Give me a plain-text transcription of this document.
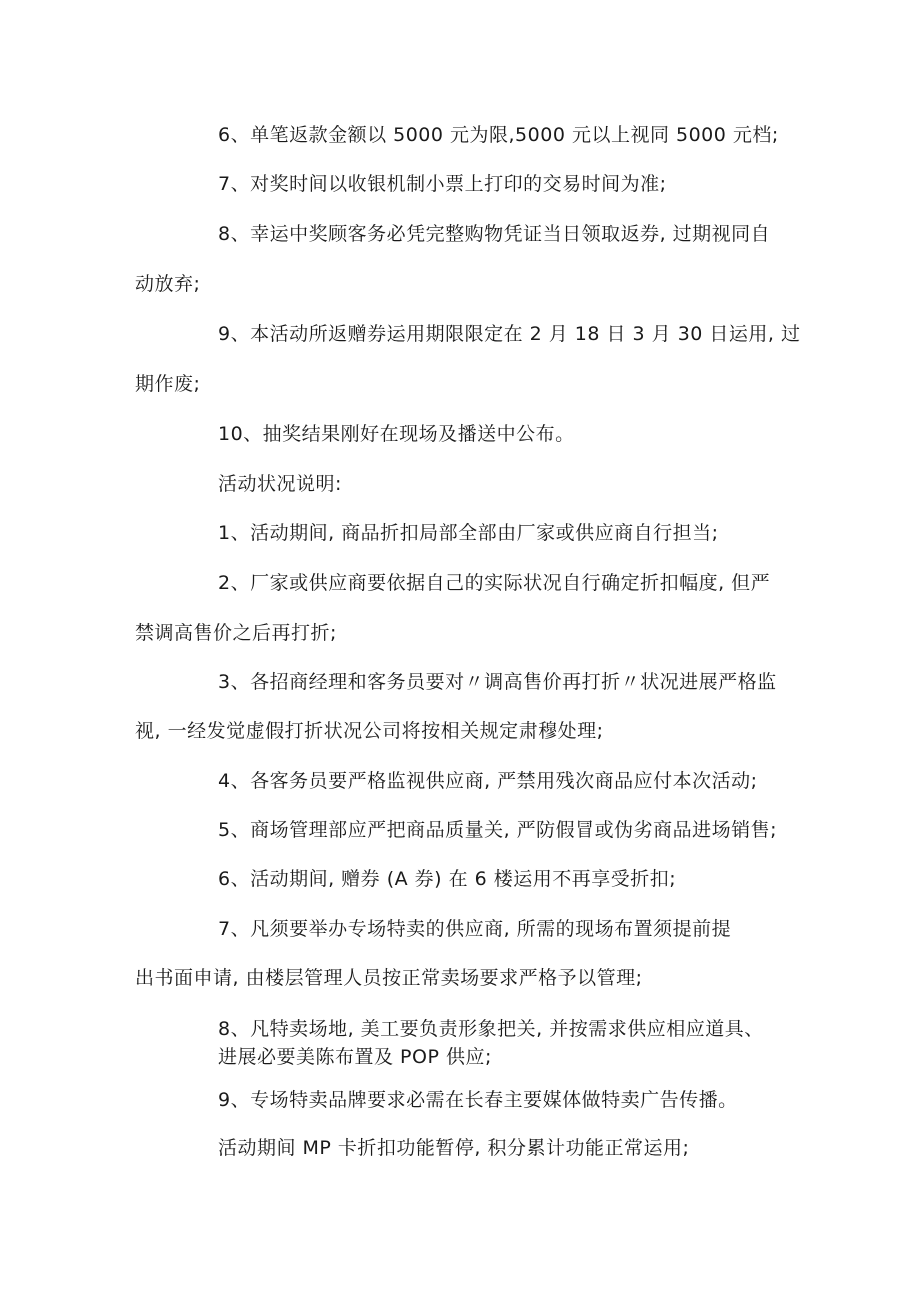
6、单笔返款金额以 5000 元为限,5000 元以上视同 5000 元档;
7、对奖时间以收银机制小票上打印的交易时间为准;
8、幸运中奖顾客务必凭完整购物凭证当日领取返券, 过期视同自
动放弃;
9、本活动所返赠券运用期限限定在 2 月 18 日 3 月 30 日运用, 过
期作废;
10、抽奖结果刚好在现场及播送中公布。
活动状况说明:
1、活动期间, 商品折扣局部全部由厂家或供应商自行担当;
2、厂家或供应商要依据自己的实际状况自行确定折扣幅度, 但严
禁调高售价之后再打折;
3、各招商经理和客务员要对〃调高售价再打折〃状况进展严格监
视, 一经发觉虚假打折状况公司将按相关规定肃穆处理;
4、各客务员要严格监视供应商, 严禁用残次商品应付本次活动;
5、商场管理部应严把商品质量关, 严防假冒或伪劣商品进场销售;
6、活动期间, 赠券 (A 券) 在 6 楼运用不再享受折扣;
7、凡须要举办专场特卖的供应商, 所需的现场布置须提前提
出书面申请, 由楼层管理人员按正常卖场要求严格予以管理;
8、凡特卖场地, 美工要负责形象把关, 并按需求供应相应道具、
进展必要美陈布置及 POP 供应;
9、专场特卖品牌要求必需在长春主要媒体做特卖广告传播。
活动期间 MP 卡折扣功能暂停, 积分累计功能正常运用;
